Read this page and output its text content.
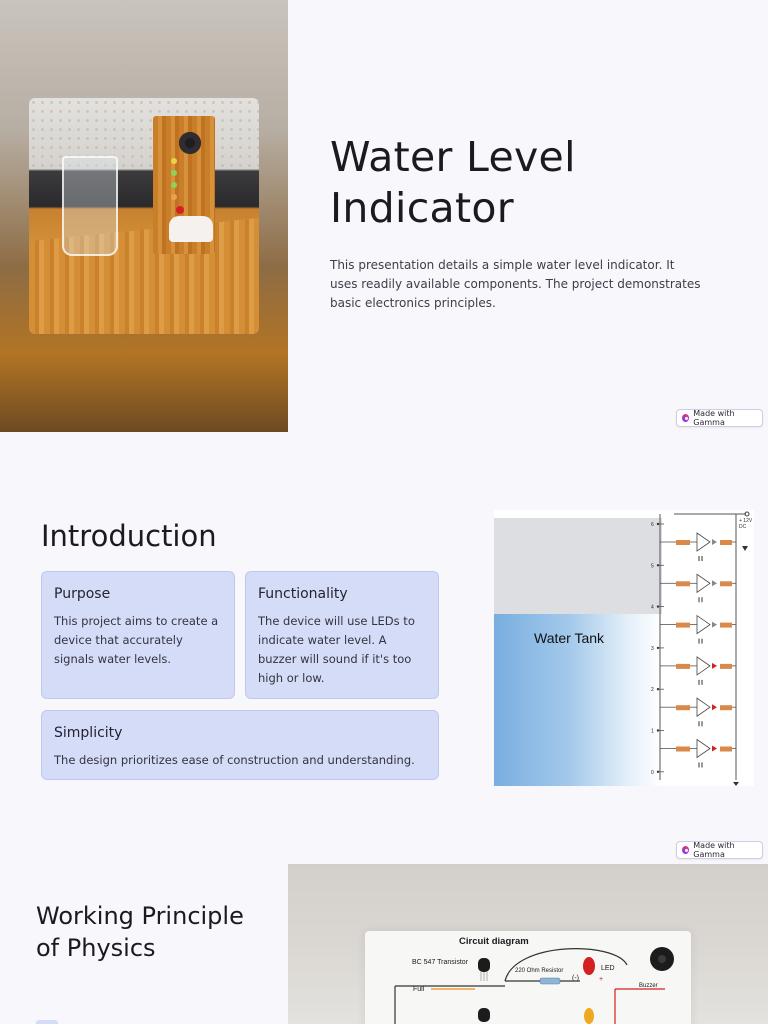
Water Level Indicator

This presentation details a simple water level indicator. It uses readily available components. The project demonstrates basic electronics principles.

Made with Gamma
Introduction
Purpose
This project aims to create a device that accurately signals water levels.
Functionality
The device will use LEDs to indicate water level. A buzzer will sound if it's too high or low.
Simplicity
The design prioritizes ease of construction and understanding.
Water Tank
+ 12V
DC
6
5
4
3
2
1
0
Made with Gamma
Working Principle of Physics	Circuit diagram
BC 547 Transistor
220 Ohm Resistor	LED
Buzzer
Full
(-)	+
